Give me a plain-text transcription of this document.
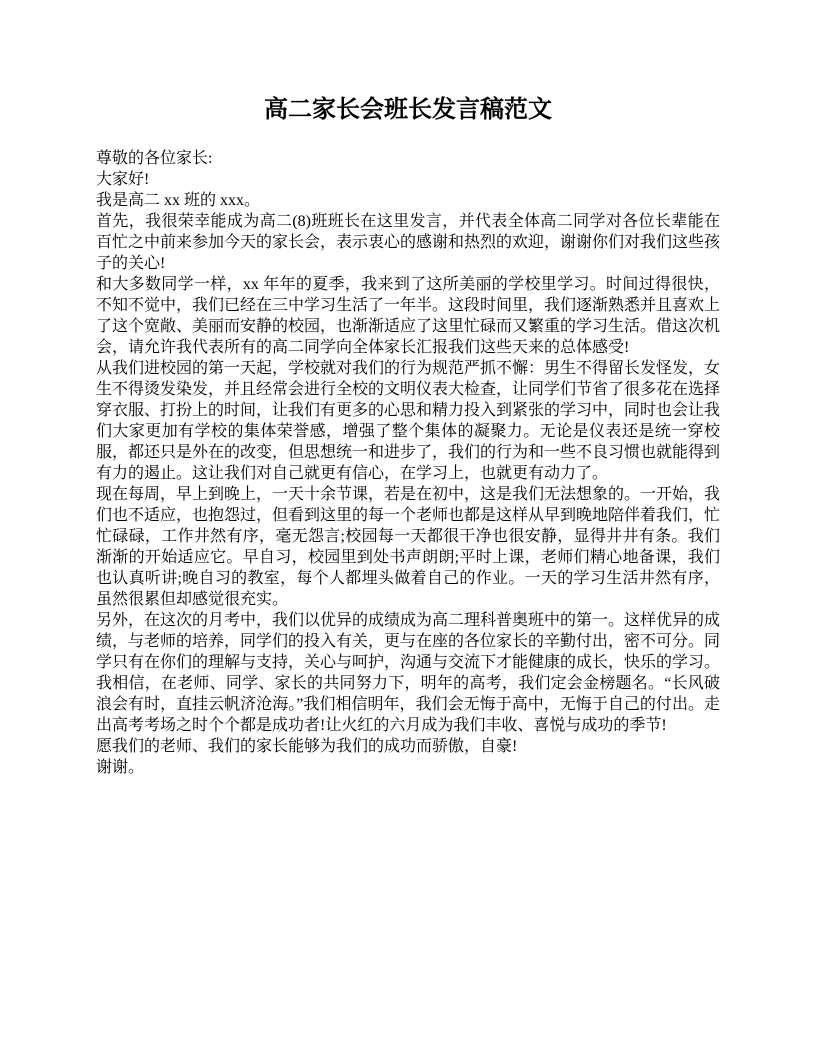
高二家长会班长发言稿范文

尊敬的各位家长:

大家好!

我是高二 xx 班的 xxx。

首先，我很荣幸能成为高二(8)班班长在这里发言，并代表全体高二同学对各位长辈能在百忙之中前来参加今天的家长会，表示衷心的感谢和热烈的欢迎，谢谢你们对我们这些孩子的关心!

和大多数同学一样，xx 年年的夏季，我来到了这所美丽的学校里学习。时间过得很快，不知不觉中，我们已经在三中学习生活了一年半。这段时间里，我们逐渐熟悉并且喜欢上了这个宽敞、美丽而安静的校园，也渐渐适应了这里忙碌而又繁重的学习生活。借这次机会，请允许我代表所有的高二同学向全体家长汇报我们这些天来的总体感受!

从我们进校园的第一天起，学校就对我们的行为规范严抓不懈：男生不得留长发怪发，女生不得烫发染发，并且经常会进行全校的文明仪表大检查，让同学们节省了很多花在选择穿衣服、打扮上的时间，让我们有更多的心思和精力投入到紧张的学习中，同时也会让我们大家更加有学校的集体荣誉感，增强了整个集体的凝聚力。无论是仪表还是统一穿校服，都还只是外在的改变，但思想统一和进步了，我们的行为和一些不良习惯也就能得到有力的遏止。这让我们对自己就更有信心，在学习上，也就更有动力了。

现在每周，早上到晚上，一天十余节课，若是在初中，这是我们无法想象的。一开始，我们也不适应，也抱怨过，但看到这里的每一个老师也都是这样从早到晚地陪伴着我们，忙忙碌碌，工作井然有序，毫无怨言;校园每一天都很干净也很安静，显得井井有条。我们渐渐的开始适应它。早自习，校园里到处书声朗朗;平时上课，老师们精心地备课，我们也认真听讲;晚自习的教室，每个人都埋头做着自己的作业。一天的学习生活井然有序，虽然很累但却感觉很充实。

另外，在这次的月考中，我们以优异的成绩成为高二理科普奥班中的第一。这样优异的成绩，与老师的培养，同学们的投入有关，更与在座的各位家长的辛勤付出，密不可分。同学只有在你们的理解与支持，关心与呵护，沟通与交流下才能健康的成长，快乐的学习。

我相信，在老师、同学、家长的共同努力下，明年的高考，我们定会金榜题名。“长风破浪会有时，直挂云帆济沧海。”我们相信明年，我们会无悔于高中，无悔于自己的付出。走出高考考场之时个个都是成功者!让火红的六月成为我们丰收、喜悦与成功的季节!

愿我们的老师、我们的家长能够为我们的成功而骄傲，自豪!

谢谢。
